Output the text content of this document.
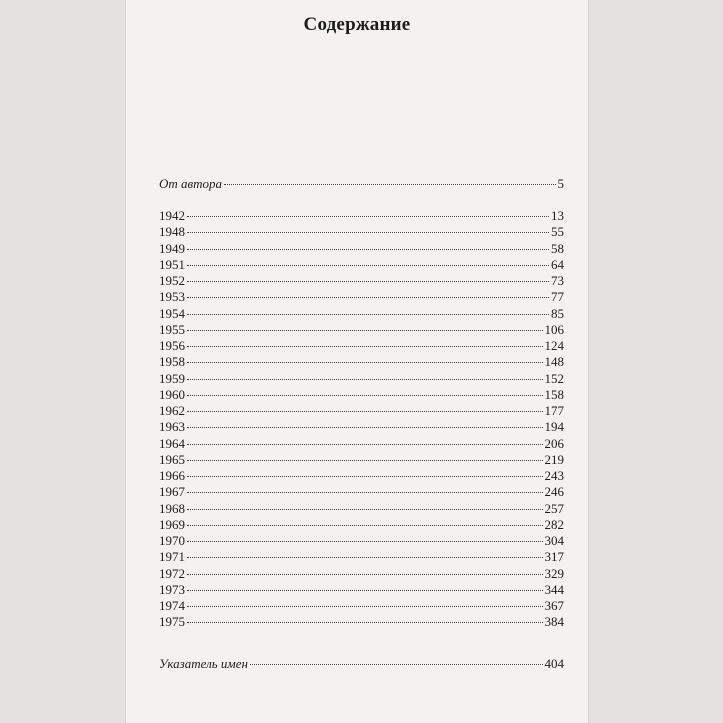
Содержание
От автора	5
1942	13
1948	55
1949	58
1951	64
1952	73
1953	77
1954	85
1955	106
1956	124
1958	148
1959	152
1960	158
1962	177
1963	194
1964	206
1965	219
1966	243
1967	246
1968	257
1969	282
1970	304
1971	317
1972	329
1973	344
1974	367
1975	384
Указатель имен	404
